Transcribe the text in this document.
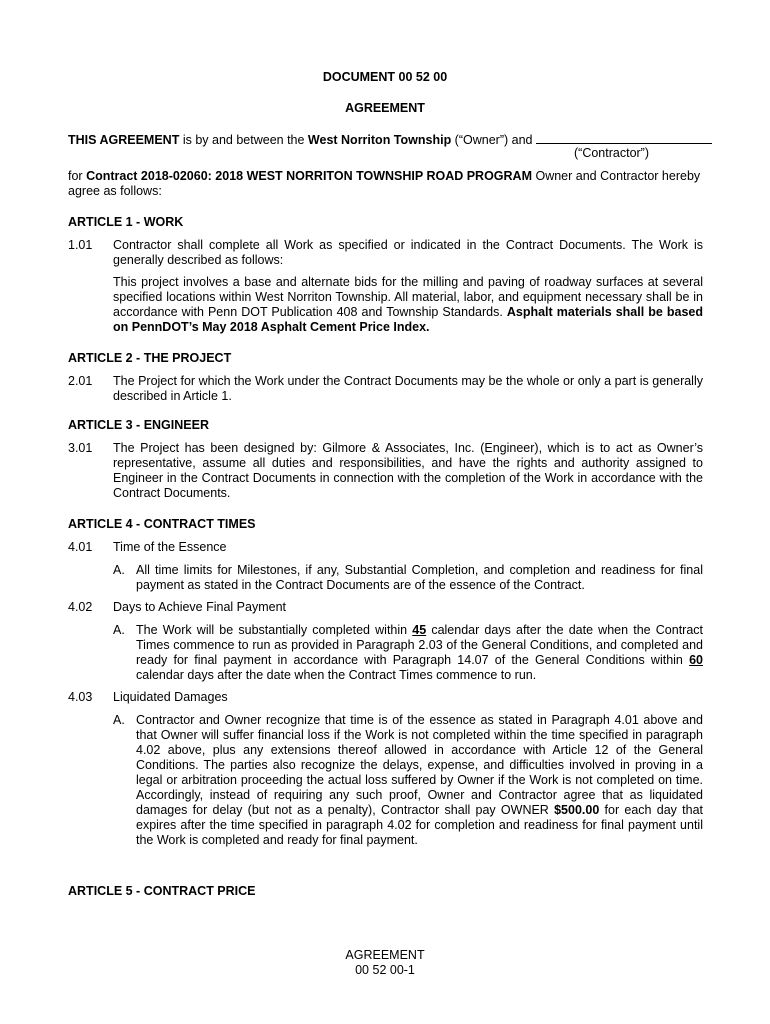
DOCUMENT 00 52 00
AGREEMENT
THIS AGREEMENT is by and between the West Norriton Township (“Owner”) and
(“Contractor”)
for Contract 2018-02060: 2018 WEST NORRITON TOWNSHIP ROAD PROGRAM Owner and Contractor hereby
agree as follows:
ARTICLE 1 - WORK
1.01 Contractor shall complete all Work as specified or indicated in the Contract Documents. The Work is generally described as follows:
This project involves a base and alternate bids for the milling and paving of roadway surfaces at several specified locations within West Norriton Township. All material, labor, and equipment necessary shall be in accordance with Penn DOT Publication 408 and Township Standards. Asphalt materials shall be based on PennDOT’s May 2018 Asphalt Cement Price Index.
ARTICLE 2 - THE PROJECT
2.01 The Project for which the Work under the Contract Documents may be the whole or only a part is generally described in Article 1.
ARTICLE 3 - ENGINEER
3.01 The Project has been designed by: Gilmore & Associates, Inc. (Engineer), which is to act as Owner’s representative, assume all duties and responsibilities, and have the rights and authority assigned to Engineer in the Contract Documents in connection with the completion of the Work in accordance with the Contract Documents.
ARTICLE 4 - CONTRACT TIMES
4.01 Time of the Essence
A. All time limits for Milestones, if any, Substantial Completion, and completion and readiness for final payment as stated in the Contract Documents are of the essence of the Contract.
4.02 Days to Achieve Final Payment
A. The Work will be substantially completed within 45 calendar days after the date when the Contract Times commence to run as provided in Paragraph 2.03 of the General Conditions, and completed and ready for final payment in accordance with Paragraph 14.07 of the General Conditions within 60 calendar days after the date when the Contract Times commence to run.
4.03 Liquidated Damages
A. Contractor and Owner recognize that time is of the essence as stated in Paragraph 4.01 above and that Owner will suffer financial loss if the Work is not completed within the time specified in paragraph 4.02 above, plus any extensions thereof allowed in accordance with Article 12 of the General Conditions. The parties also recognize the delays, expense, and difficulties involved in proving in a legal or arbitration proceeding the actual loss suffered by Owner if the Work is not completed on time. Accordingly, instead of requiring any such proof, Owner and Contractor agree that as liquidated damages for delay (but not as a penalty), Contractor shall pay OWNER $500.00 for each day that expires after the time specified in paragraph 4.02 for completion and readiness for final payment until the Work is completed and ready for final payment.
ARTICLE 5 - CONTRACT PRICE
AGREEMENT
00 52 00-1
